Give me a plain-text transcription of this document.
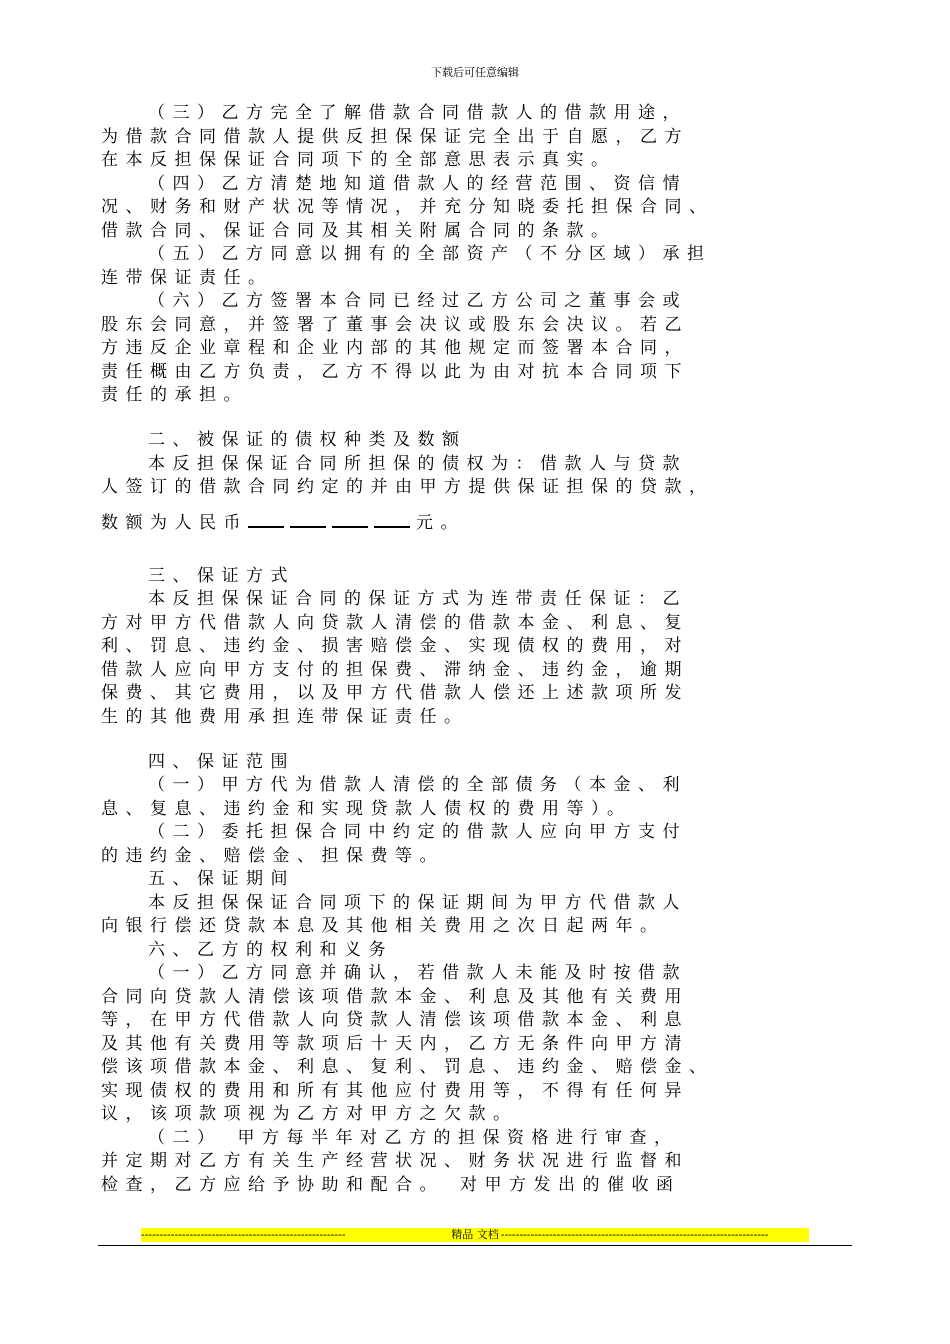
下载后可任意编辑
（三）乙方完全了解借款合同借款人的借款用途，
为借款合同借款人提供反担保保证完全出于自愿，乙方
在本反担保保证合同项下的全部意思表示真实。
（四）乙方清楚地知道借款人的经营范围、资信情
况、财务和财产状况等情况，并充分知晓委托担保合同、
借款合同、保证合同及其相关附属合同的条款。
（五）乙方同意以拥有的全部资产（不分区域）承担
连带保证责任。
（六）乙方签署本合同已经过乙方公司之董事会或
股东会同意，并签署了董事会决议或股东会决议。若乙
方违反企业章程和企业内部的其他规定而签署本合同，
责任概由乙方负责，乙方不得以此为由对抗本合同项下
责任的承担。
二、被保证的债权种类及数额
本反担保保证合同所担保的债权为：借款人与贷款
人签订的借款合同约定的并由甲方提供保证担保的贷款，
数额为人民币	元。
三、保证方式
本反担保保证合同的保证方式为连带责任保证：乙
方对甲方代借款人向贷款人清偿的借款本金、利息、复
利、罚息、违约金、损害赔偿金、实现债权的费用，对
借款人应向甲方支付的担保费、滞纳金、违约金，逾期
保费、其它费用，以及甲方代借款人偿还上述款项所发
生的其他费用承担连带保证责任。
四、保证范围
（一）甲方代为借款人清偿的全部债务（本金、利
息、复息、违约金和实现贷款人债权的费用等）。
（二）委托担保合同中约定的借款人应向甲方支付
的违约金、赔偿金、担保费等。
五、保证期间
本反担保保证合同项下的保证期间为甲方代借款人
向银行偿还贷款本息及其他相关费用之次日起两年。
六、乙方的权利和义务
（一）乙方同意并确认，若借款人未能及时按借款
合同向贷款人清偿该项借款本金、利息及其他有关费用
等，在甲方代借款人向贷款人清偿该项借款本金、利息
及其他有关费用等款项后十天内，乙方无条件向甲方清
偿该项借款本金、利息、复利、罚息、违约金、赔偿金、
实现债权的费用和所有其他应付费用等，不得有任何异
议，该项款项视为乙方对甲方之欠款。
（二）　甲方每半年对乙方的担保资格进行审查，
并定期对乙方有关生产经营状况、财务状况进行监督和
检查，乙方应给予协助和配合。　对甲方发出的催收函
-------------------------------------------------------	精品 文档 ------------------------------------------------------------------------
